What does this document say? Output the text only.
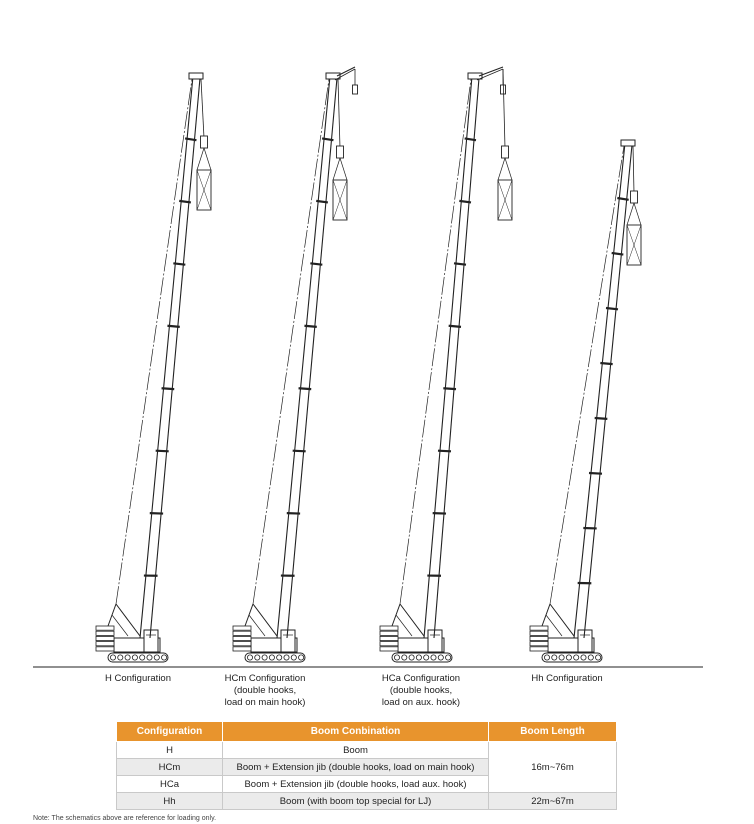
H Configuration	HCm Configuration
(double hooks,
load on main hook)
HCa Configuration
(double hooks,
load on aux. hook)
Hh Configuration
Configuration	Boom Conbination	Boom Length
H	Boom	16m~76m
HCm	Boom + Extension jib (double hooks, load on main hook)	
HCa	Boom + Extension jib (double hooks, load aux. hook)	
Hh	Boom (with boom top special for LJ)	22m~67m
Note: The schematics above are reference for loading only.
